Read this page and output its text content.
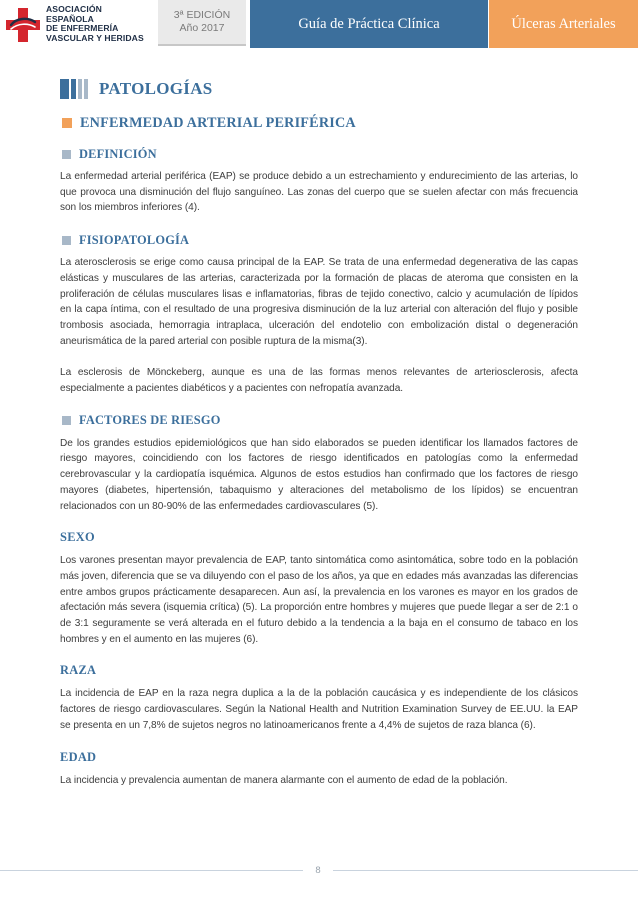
ASOCIACIÓN
ESPAÑOLA
DE ENFERMERÍA
VASCULAR Y HERIDAS
3ª EDICIÓN
Año 2017	Guía de Práctica Clínica	Úlceras Arteriales
PATOLOGÍAS
ENFERMEDAD ARTERIAL PERIFÉRICA
DEFINICIÓN

La enfermedad arterial periférica (EAP) se produce debido a un estrechamiento y endurecimiento de las arterias, lo que provoca una disminución del flujo sanguíneo. Las zonas del cuerpo que se suelen afectar con más frecuencia son los miembros inferiores (4).

FISIOPATOLOGÍA

La aterosclerosis se erige como causa principal de la EAP. Se trata de una enfermedad degenerativa de las capas elásticas y musculares de las arterias, caracterizada por la formación de placas de ateroma que consisten en la proliferación de células musculares lisas e inflamatorias, fibras de tejido conectivo, calcio y acumulación de lípidos en la capa íntima, con el resultado de una progresiva disminución de la luz arterial con alteración del flujo y posible trombosis asociada, hemorragia intraplaca, ulceración del endotelio con embolización distal o degeneración aneurismática de la pared arterial con posible ruptura de la misma(3).

La esclerosis de Mönckeberg, aunque es una de las formas menos relevantes de arteriosclerosis, afecta especialmente a pacientes diabéticos y a pacientes con nefropatía avanzada.

FACTORES DE RIESGO

De los grandes estudios epidemiológicos que han sido elaborados se pueden identificar los llamados factores de riesgo mayores, coincidiendo con los factores de riesgo identificados en patologías como la enfermedad cerebrovascular y la cardiopatía isquémica. Algunos de estos estudios han confirmado que los factores de riesgo mayores (diabetes, hipertensión, tabaquismo y alteraciones del metabolismo de los lípidos) se encuentran relacionados con un 80-90% de las enfermedades cardiovasculares (5).

SEXO

Los varones presentan mayor prevalencia de EAP, tanto sintomática como asintomática, sobre todo en la población más joven, diferencia que se va diluyendo con el paso de los años, ya que en edades más avanzadas las diferencias entre ambos grupos prácticamente desaparecen. Aun así, la prevalencia en los varones es mayor en los grados de afectación más severa (isquemia crítica) (5). La proporción entre hombres y mujeres que puede llegar a ser de 2:1 o de 3:1 seguramente se verá alterada en el futuro debido a la tendencia a la baja en el consumo de tabaco en los hombres y en el aumento en las mujeres (6).

RAZA

La incidencia de EAP en la raza negra duplica a la de la población caucásica y es independiente de los clásicos factores de riesgo cardiovasculares. Según la National Health and Nutrition Examination Survey de EE.UU. la EAP se presenta en un 7,8% de sujetos negros no latinoamericanos frente a 4,4% de sujetos de raza blanca (6).

EDAD

La incidencia y prevalencia aumentan de manera alarmante con el aumento de edad de la población.

8
